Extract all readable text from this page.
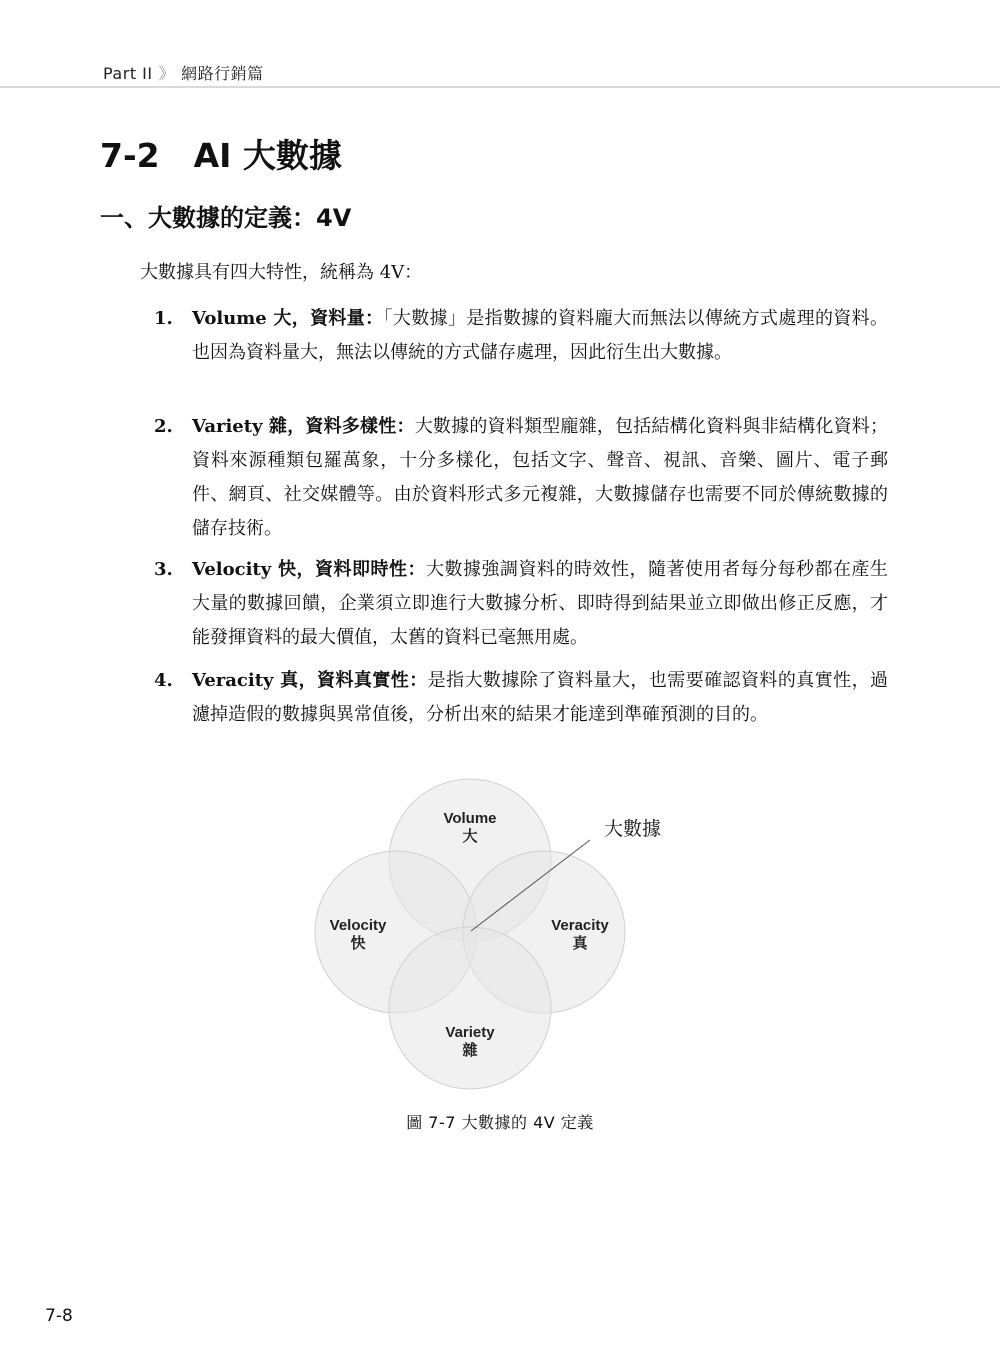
Part II 》 網路行銷篇
7-2 AI 大數據
一、大數據的定義：4V
大數據具有四大特性，統稱為 4V：
1. Volume 大，資料量：「大數據」是指數據的資料龐大而無法以傳統方式處理的資料。也因為資料量大，無法以傳統的方式儲存處理，因此衍生出大數據。
2. Variety 雜，資料多樣性：大數據的資料類型龐雜，包括結構化資料與非結構化資料；資料來源種類包羅萬象，十分多樣化，包括文字、聲音、視訊、音樂、圖片、電子郵件、網頁、社交媒體等。由於資料形式多元複雜，大數據儲存也需要不同於傳統數據的儲存技術。
3. Velocity 快，資料即時性：大數據強調資料的時效性，隨著使用者每分每秒都在產生大量的數據回饋，企業須立即進行大數據分析、即時得到結果並立即做出修正反應，才能發揮資料的最大價值，太舊的資料已毫無用處。
4. Veracity 真，資料真實性：是指大數據除了資料量大，也需要確認資料的真實性，過濾掉造假的數據與異常值後，分析出來的結果才能達到準確預測的目的。
大數據
Volume
大
Velocity
快
Veracity
真
Variety
雜
圖 7-7 大數據的 4V 定義
7-8
